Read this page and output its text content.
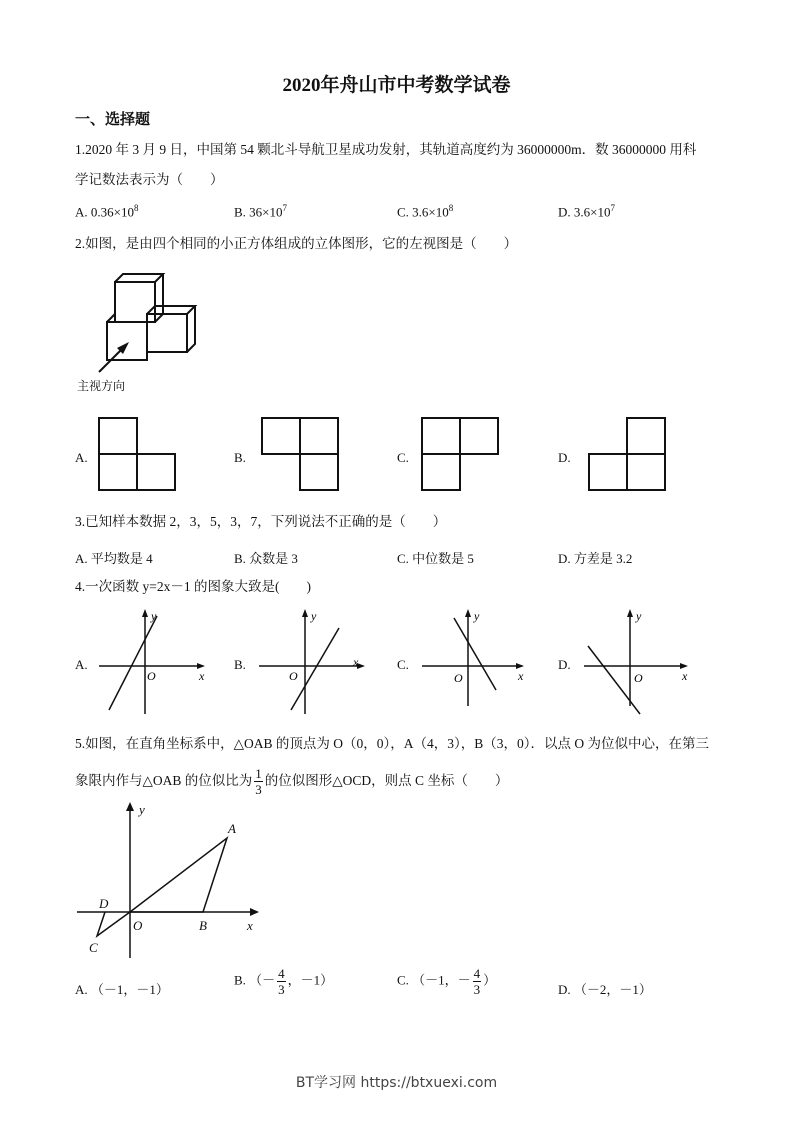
2020年舟山市中考数学试卷
一、选择题
1.2020 年 3 月 9 日，中国第 54 颗北斗导航卫星成功发射，其轨道高度约为 36000000m．数 36000000 用科
学记数法表示为（　　）
A. $0.36\times 10^8$	B. $36\times 10^7$	C. $3.6\times 10^8$	D. $3.6\times 10^7$
2.如图，是由四个相同的小正方体组成的立体图形，它的左视图是（　　）
主视方向
A.	B.	C.	D.
3.已知样本数据 2，3，5，3，7，下列说法不正确的是（　　）
A. 平均数是 4	B. 众数是 3	C. 中位数是 5	D. 方差是 3.2
4.一次函数 y=2x－1 的图象大致是(　　)
A.
y
x
O
B.
y
x
O
C.
y
x
O
D.
y
x
O
5.如图，在直角坐标系中，△OAB 的顶点为 O（0，0），A（4，3），B（3，0）．以点 O 为位似中心，在第三
象限内作与△OAB 的位似比为 $\frac{1}{3}$ 的位似图形△OCD，则点 C 坐标（　　）
y
x
A
B
O
C
D
A. （－1，－1）
B. （－ $\frac{4}{3}$ ，－1）	C. （－1，－ $\frac{4}{3}$ ）
D. （－2，－1）
BT学习网 https://btxuexi.com
